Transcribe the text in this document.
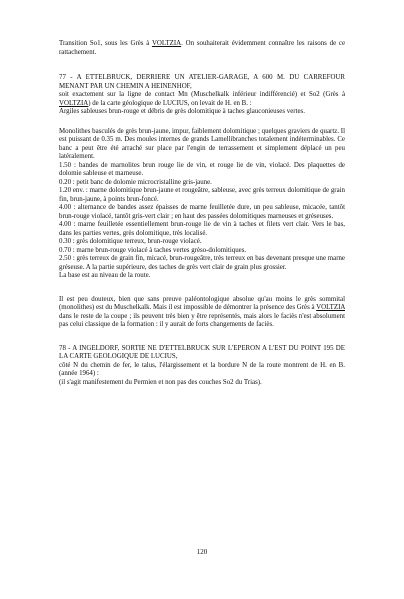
Transition So1, sous les Grès à VOLTZIA. On souhaiterait évidemment connaître les raisons de ce rattachement.

77 - A ETTELBRUCK, DERRIERE UN ATELIER-GARAGE, A 600 M. DU CARREFOUR MENANT PAR UN CHEMIN A HEINENHOF,

soit exactement sur la ligne de contact Mn (Muschelkalk inférieur indifférencié) et So2 (Grès à VOLTZIA) de la carte géologique de LUCIUS, on levait de H. en B. :

Argiles sableuses brun-rouge et débris de grès dolomitique à taches glauconieuses vertes.

Monolithes basculés de grès brun-jaune, impur, faiblement dolomitique ; quelques graviers de quartz. Il est puissant de 0.35 m. Des moules internes de grands Lamellibranches totalement indéterminables. Ce banc a peut être été arraché sur place par l'engin de terrassement et simplement déplacé un peu latéralement.

1.50 : bandes de marnolites brun rouge lie de vin, et rouge lie de vin, violacé. Des plaquettes de dolomie sableuse et marneuse.

0.20 : petit banc de dolomie microcristalline gris-jaune.

1.20 env. : marne dolomitique brun-jaune et rougeâtre, sableuse, avec grès terreux dolomitique de grain fin, brun-jaune, à points brun-foncé.

4.00 : alternance de bandes assez épaisses de marne feuilletée dure, un peu sableuse, micacée, tantôt brun-rouge violacé, tantôt gris-vert clair ; en haut des passées dolomitiques marneuses et gréseuses.

4.00 : marne feuilletée essentiellement brun-rouge lie de vin à taches et filets vert clair. Vers le bas, dans les parties vertes, grès dolomitique, très localisé.

0.30 : grès dolomitique terreux, brun-rouge violacé.

0.70 : marne brun-rouge violacé à taches vertes grèso-dolomitiques.

2.50 : grès terreux de grain fin, micacé, brun-rougeâtre, très terreux en bas devenant presque une marne gréseuse. A la partie supérieure, des taches de grès vert clair de grain plus grossier.

La base est au niveau de la route.

Il est peu douteux, bien que sans preuve paléontologique absolue qu'au moins le grès sommital (monolithes) est du Muschelkalk. Mais il est impossible de démontrer la présence des Grès à VOLTZIA dans le reste de la coupe ; ils peuvent très bien y être représentés, mais alors le faciès n'est absolument pas celui classique de la formation : il y aurait de forts changements de faciès.

78 - A INGELDORF, SORTIE NE D'ETTELBRUCK SUR L'EPERON A L'EST DU POINT 195 DE LA CARTE GEOLOGIQUE DE LUCIUS,

côté N du chemin de fer, le talus, l'élargissement et la bordure N de la route montrent de H. en B. (année 1964) :

(il s'agit manifestement du Permien et non pas des couches So2 du Trias).

120
